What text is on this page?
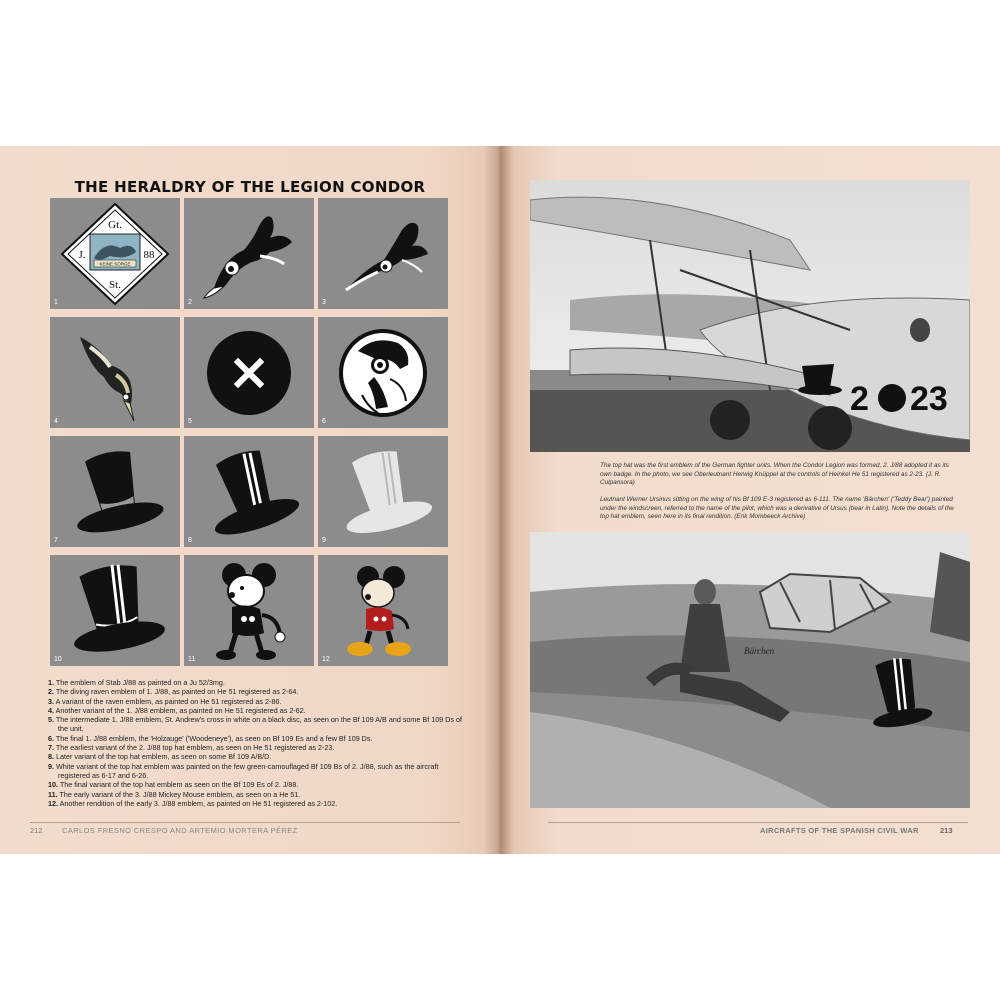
THE HERALDRY OF THE LEGION CONDOR
KEINE SORGE
Gt.
J.	88
St.
1	2	3
4	5	6
7	8	9
10	11	12
1. The emblem of Stab J/88 as painted on a Ju 52/3mg.
2. The diving raven emblem of 1. J/88, as painted on He 51 registered as 2-64.
3. A variant of the raven emblem, as painted on He 51 registered as 2-86.
4. Another variant of the 1. J/88 emblem, as painted on He 51 registered as 2-62.
5. The intermediate 1. J/88 emblem, St. Andrew's cross in white on a black disc, as seen on the Bf 109 A/B and some Bf 109 Ds of the unit.
6. The final 1. J/88 emblem, the 'Holzauge' ('Woodeneye'), as seen on Bf 109 Es and a few Bf 109 Ds.
7. The earliest variant of the 2. J/88 top hat emblem, as seen on He 51 registered as 2-23.
8. Later variant of the top hat emblem, as seen on some Bf 109 A/B/D.
9. White variant of the top hat emblem was painted on the few green-camouflaged Bf 109 Bs of 2. J/88, such as the aircraft registered as 6-17 and 6-26.
10. The final variant of the top hat emblem as seen on the Bf 109 Es of 2. J/88.
11. The early variant of the 3. J/88 Mickey Mouse emblem, as seen on a He 51.
12. Another rendition of the early 3. J/88 emblem, as painted on He 51 registered as 2-102.
212	CARLOS FRESNO CRESPO AND ARTEMIO MORTERA PÉREZ
2 23

The top hat was the first emblem of the German fighter units. When the Condor Legion was formed, 2. J/88 adopted it as its own badge. In the photo, we see Oberleutnant Herwig Knüppel at the controls of Heinkel He 51 registered as 2-23. (J. R. Culpansora)

Leutnant Werner Ursinus sitting on the wing of his Bf 109 E-3 registered as 6-111. The name 'Bärchen' ('Teddy Bear') painted under the windscreen, referred to the name of the pilot, which was a derivative of Ursus (bear in Latin). Note the details of the top hat emblem, seen here in its final rendition. (Erik Mombeeck Archive)

Bärchen
AIRCRAFTS OF THE SPANISH CIVIL WAR	213
